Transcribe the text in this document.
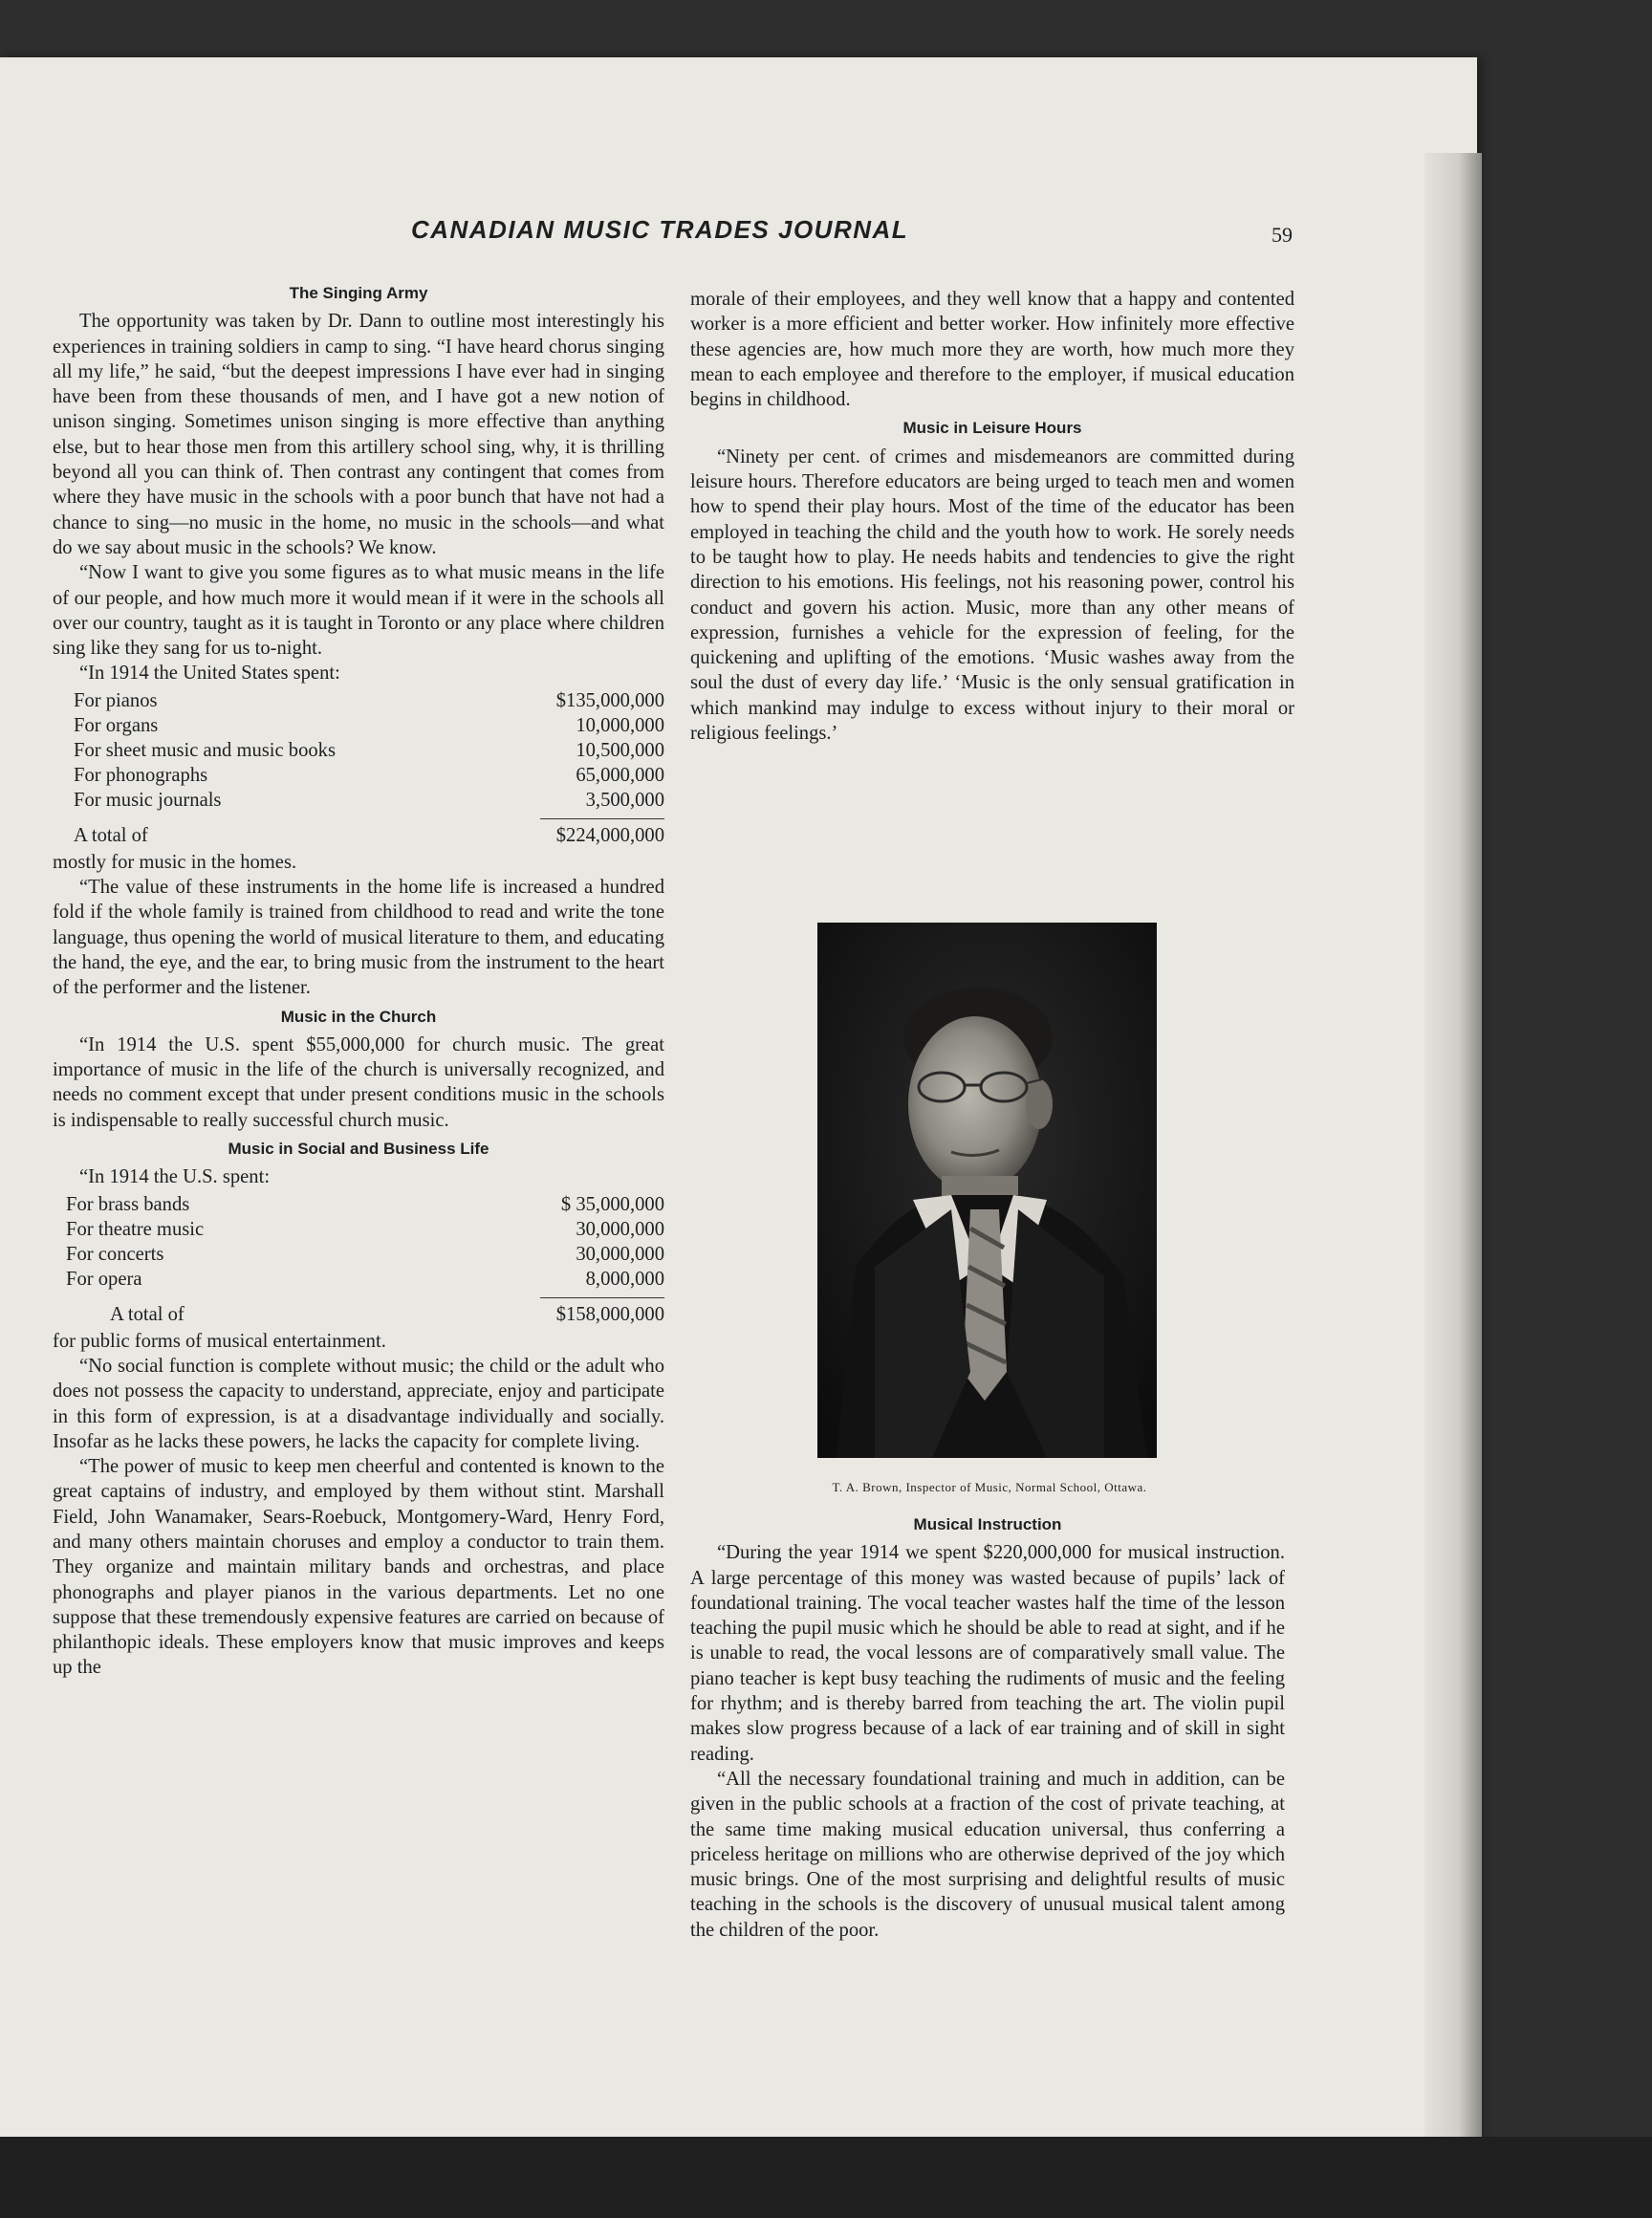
CANADIAN MUSIC TRADES JOURNAL	59
The Singing Army

The opportunity was taken by Dr. Dann to outline most interestingly his experiences in training soldiers in camp to sing. “I have heard chorus singing all my life,” he said, “but the deepest impressions I have ever had in singing have been from these thousands of men, and I have got a new notion of unison singing. Sometimes unison singing is more effective than anything else, but to hear those men from this artillery school sing, why, it is thrilling beyond all you can think of. Then contrast any contingent that comes from where they have music in the schools with a poor bunch that have not had a chance to sing—no music in the home, no music in the schools—and what do we say about music in the schools? We know.

“Now I want to give you some figures as to what music means in the life of our people, and how much more it would mean if it were in the schools all over our country, taught as it is taught in Toronto or any place where children sing like they sang for us to-night.

“In 1914 the United States spent:

For pianos	$135,000,000
For organs	10,000,000
For sheet music and music books	10,500,000
For phonographs	65,000,000
For music journals	3,500,000
A total of	$224,000,000

mostly for music in the homes.

“The value of these instruments in the home life is increased a hundred fold if the whole family is trained from childhood to read and write the tone language, thus opening the world of musical literature to them, and educating the hand, the eye, and the ear, to bring music from the instrument to the heart of the performer and the listener.

Music in the Church

“In 1914 the U.S. spent $55,000,000 for church music. The great importance of music in the life of the church is universally recognized, and needs no comment except that under present conditions music in the schools is indispensable to really successful church music.

Music in Social and Business Life

“In 1914 the U.S. spent:

For brass bands	$ 35,000,000
For theatre music	30,000,000
For concerts	30,000,000
For opera	8,000,000
A total of	$158,000,000

for public forms of musical entertainment.

“No social function is complete without music; the child or the adult who does not possess the capacity to understand, appreciate, enjoy and participate in this form of expression, is at a disadvantage individually and socially. Insofar as he lacks these powers, he lacks the capacity for complete living.

“The power of music to keep men cheerful and contented is known to the great captains of industry, and employed by them without stint. Marshall Field, John Wanamaker, Sears-Roebuck, Montgomery-Ward, Henry Ford, and many others maintain choruses and employ a conductor to train them. They organize and maintain military bands and orchestras, and place phonographs and player pianos in the various departments. Let no one suppose that these tremendously expensive features are carried on because of philanthopic ideals. These employers know that music improves and keeps up the

morale of their employees, and they well know that a happy and contented worker is a more efficient and better worker. How infinitely more effective these agencies are, how much more they are worth, how much more they mean to each employee and therefore to the employer, if musical education begins in childhood.

Music in Leisure Hours

“Ninety per cent. of crimes and misdemeanors are committed during leisure hours. Therefore educators are being urged to teach men and women how to spend their play hours. Most of the time of the educator has been employed in teaching the child and the youth how to work. He sorely needs to be taught how to play. He needs habits and tendencies to give the right direction to his emotions. His feelings, not his reasoning power, control his conduct and govern his action. Music, more than any other means of expression, furnishes a vehicle for the expression of feeling, for the quickening and uplifting of the emotions. ‘Music washes away from the soul the dust of every day life.’ ‘Music is the only sensual gratification in which mankind may indulge to excess without injury to their moral or religious feelings.’

T. A. Brown, Inspector of Music, Normal School, Ottawa.
Musical Instruction

“During the year 1914 we spent $220,000,000 for musical instruction. A large percentage of this money was wasted because of pupils’ lack of foundational training. The vocal teacher wastes half the time of the lesson teaching the pupil music which he should be able to read at sight, and if he is unable to read, the vocal lessons are of comparatively small value. The piano teacher is kept busy teaching the rudiments of music and the feeling for rhythm; and is thereby barred from teaching the art. The violin pupil makes slow progress because of a lack of ear training and of skill in sight reading.

“All the necessary foundational training and much in addition, can be given in the public schools at a fraction of the cost of private teaching, at the same time making musical education universal, thus conferring a priceless heritage on millions who are otherwise deprived of the joy which music brings. One of the most surprising and delightful results of music teaching in the schools is the discovery of unusual musical talent among the children of the poor.
